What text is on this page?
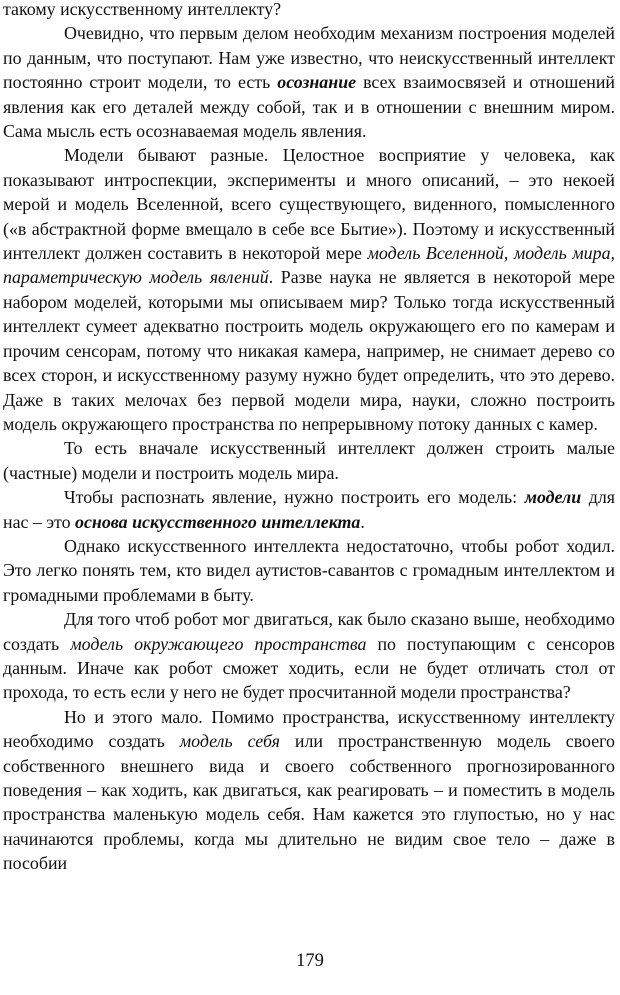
такому искусственному интеллекту?

Очевидно, что первым делом необходим механизм построения моделей по данным, что поступают. Нам уже известно, что неискусственный интеллект постоянно строит модели, то есть осознание всех взаимосвязей и отношений явления как его деталей между собой, так и в отношении с внешним миром. Сама мысль есть осознаваемая модель явления.

Модели бывают разные. Целостное восприятие у человека, как показывают интроспекции, эксперименты и много описаний, – это некоей мерой и модель Вселенной, всего существующего, виденного, помысленного («в абстрактной форме вмещало в себе все Бытие»). Поэтому и искусственный интеллект должен составить в некоторой мере модель Вселенной, модель мира, параметрическую модель явлений. Разве наука не является в некоторой мере набором моделей, которыми мы описываем мир? Только тогда искусственный интеллект сумеет адекватно построить модель окружающего его по камерам и прочим сенсорам, потому что никакая камера, например, не снимает дерево со всех сторон, и искусственному разуму нужно будет определить, что это дерево. Даже в таких мелочах без первой модели мира, науки, сложно построить модель окружающего пространства по непрерывному потоку данных с камер.

То есть вначале искусственный интеллект должен строить малые (частные) модели и построить модель мира.

Чтобы распознать явление, нужно построить его модель: модели для нас – это основа искусственного интеллекта.

Однако искусственного интеллекта недостаточно, чтобы робот ходил. Это легко понять тем, кто видел аутистов-савантов с громадным интеллектом и громадными проблемами в быту.

Для того чтоб робот мог двигаться, как было сказано выше, необходимо создать модель окружающего пространства по поступающим с сенсоров данным. Иначе как робот сможет ходить, если не будет отличать стол от прохода, то есть если у него не будет просчитанной модели пространства?

Но и этого мало. Помимо пространства, искусственному интеллекту необходимо создать модель себя или пространственную модель своего собственного внешнего вида и своего собственного прогнозированного поведения – как ходить, как двигаться, как реагировать – и поместить в модель пространства маленькую модель себя. Нам кажется это глупостью, но у нас начинаются проблемы, когда мы длительно не видим свое тело – даже в пособии

179
